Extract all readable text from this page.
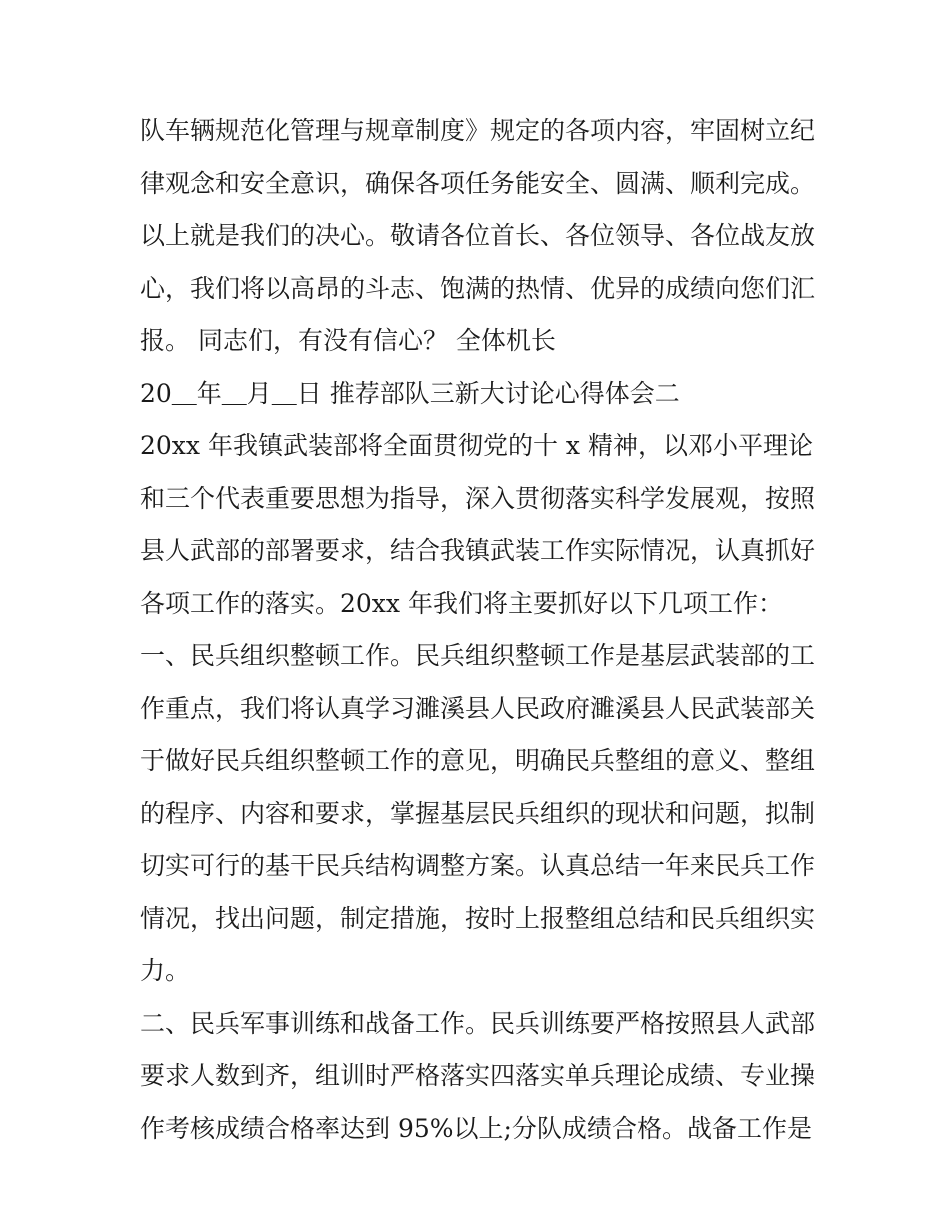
队车辆规范化管理与规章制度》规定的各项内容，牢固树立纪
律观念和安全意识，确保各项任务能安全、圆满、顺利完成。
以上就是我们的决心。敬请各位首长、各位领导、各位战友放
心，我们将以高昂的斗志、饱满的热情、优异的成绩向您们汇
报。 同志们，有没有信心？ 全体机长
20＿年＿月＿日 推荐部队三新大讨论心得体会二
20xx 年我镇武装部将全面贯彻党的十 x 精神，以邓小平理论
和三个代表重要思想为指导，深入贯彻落实科学发展观，按照
县人武部的部署要求，结合我镇武装工作实际情况，认真抓好
各项工作的落实。20xx 年我们将主要抓好以下几项工作：
一、民兵组织整顿工作。民兵组织整顿工作是基层武装部的工
作重点，我们将认真学习濉溪县人民政府濉溪县人民武装部关
于做好民兵组织整顿工作的意见，明确民兵整组的意义、整组
的程序、内容和要求，掌握基层民兵组织的现状和问题，拟制
切实可行的基干民兵结构调整方案。认真总结一年来民兵工作
情况，找出问题，制定措施，按时上报整组总结和民兵组织实
力。
二、民兵军事训练和战备工作。民兵训练要严格按照县人武部
要求人数到齐，组训时严格落实四落实单兵理论成绩、专业操
作考核成绩合格率达到 95%以上;分队成绩合格。战备工作是
